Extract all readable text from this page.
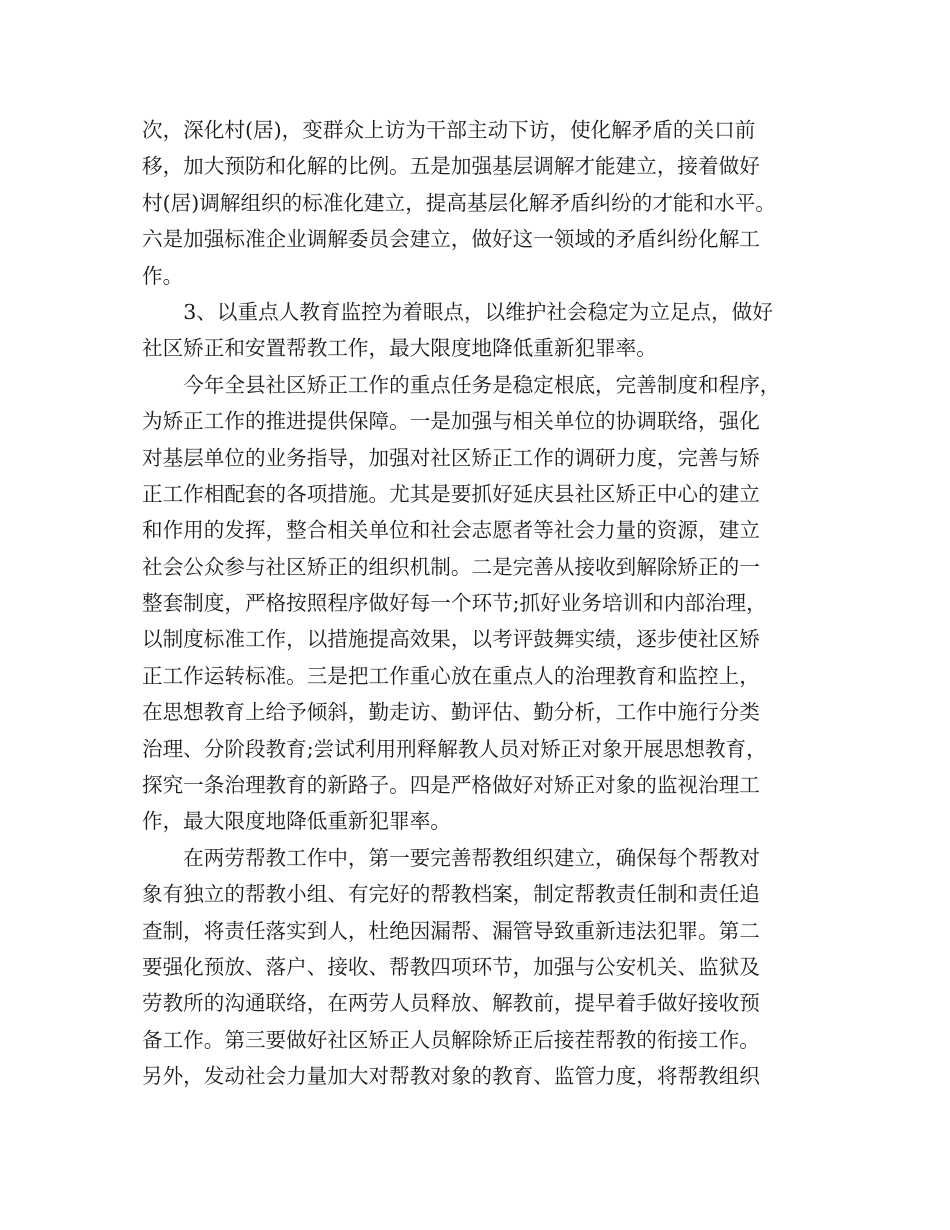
次，深化村(居)，变群众上访为干部主动下访，使化解矛盾的关口前
移，加大预防和化解的比例。五是加强基层调解才能建立，接着做好
村(居)调解组织的标准化建立，提高基层化解矛盾纠纷的才能和水平。
六是加强标准企业调解委员会建立，做好这一领域的矛盾纠纷化解工
作。
3、以重点人教育监控为着眼点，以维护社会稳定为立足点，做好
社区矫正和安置帮教工作，最大限度地降低重新犯罪率。
今年全县社区矫正工作的重点任务是稳定根底，完善制度和程序，
为矫正工作的推进提供保障。一是加强与相关单位的协调联络，强化
对基层单位的业务指导，加强对社区矫正工作的调研力度，完善与矫
正工作相配套的各项措施。尤其是要抓好延庆县社区矫正中心的建立
和作用的发挥，整合相关单位和社会志愿者等社会力量的资源，建立
社会公众参与社区矫正的组织机制。二是完善从接收到解除矫正的一
整套制度，严格按照程序做好每一个环节;抓好业务培训和内部治理，
以制度标准工作，以措施提高效果，以考评鼓舞实绩，逐步使社区矫
正工作运转标准。三是把工作重心放在重点人的治理教育和监控上，
在思想教育上给予倾斜，勤走访、勤评估、勤分析，工作中施行分类
治理、分阶段教育;尝试利用刑释解教人员对矫正对象开展思想教育，
探究一条治理教育的新路子。四是严格做好对矫正对象的监视治理工
作，最大限度地降低重新犯罪率。
在两劳帮教工作中，第一要完善帮教组织建立，确保每个帮教对
象有独立的帮教小组、有完好的帮教档案，制定帮教责任制和责任追
查制，将责任落实到人，杜绝因漏帮、漏管导致重新违法犯罪。第二
要强化预放、落户、接收、帮教四项环节，加强与公安机关、监狱及
劳教所的沟通联络，在两劳人员释放、解教前，提早着手做好接收预
备工作。第三要做好社区矫正人员解除矫正后接茬帮教的衔接工作。
另外，发动社会力量加大对帮教对象的教育、监管力度，将帮教组织
